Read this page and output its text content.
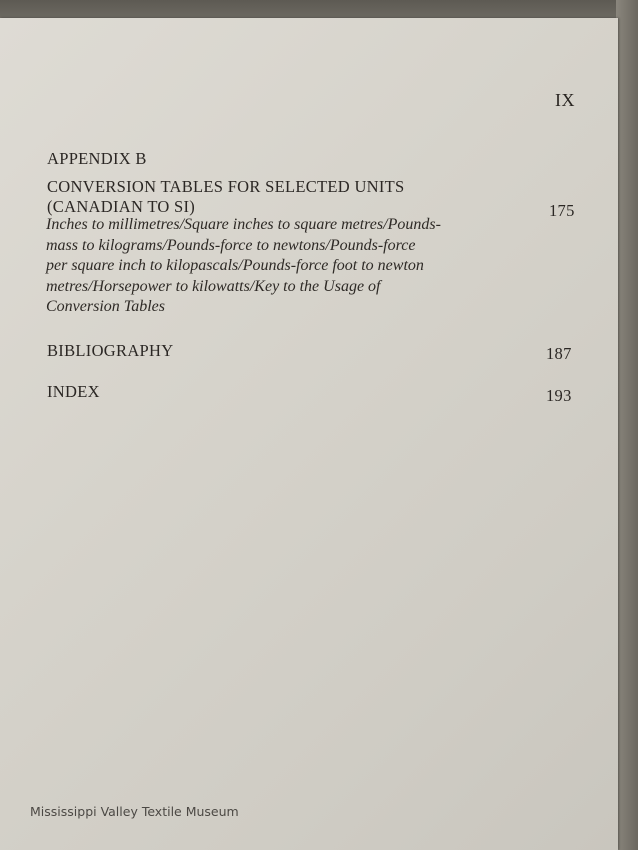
IX
APPENDIX B
CONVERSION TABLES FOR SELECTED UNITS
(CANADIAN TO SI)	175
Inches to millimetres/Square inches to square metres/Pounds-
mass to kilograms/Pounds-force to newtons/Pounds-force
per square inch to kilopascals/Pounds-force foot to newton
metres/Horsepower to kilowatts/Key to the Usage of
Conversion Tables
BIBLIOGRAPHY	187
INDEX	193
Mississippi Valley Textile Museum
